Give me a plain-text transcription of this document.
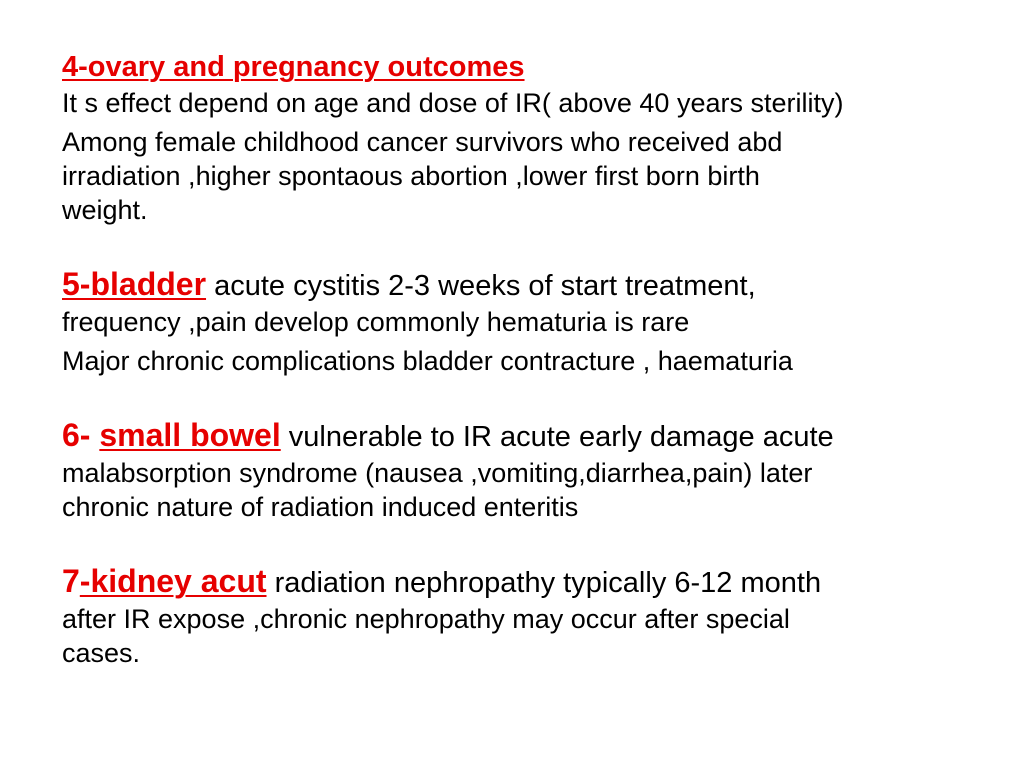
4-ovary and pregnancy outcomes

It s effect depend on age and dose of IR( above 40 years sterility)

Among female childhood cancer survivors who received abd

irradiation ,higher spontaous abortion ,lower first born birth

weight.

5-bladder acute cystitis 2-3 weeks of start treatment,

frequency ,pain develop commonly hematuria is rare

Major chronic complications bladder contracture , haematuria

6- small bowel vulnerable to IR acute early damage acute

malabsorption syndrome (nausea ,vomiting,diarrhea,pain) later

chronic nature of radiation induced enteritis

7-kidney acut radiation nephropathy typically 6-12 month

after IR expose ,chronic nephropathy may occur after special

cases.
